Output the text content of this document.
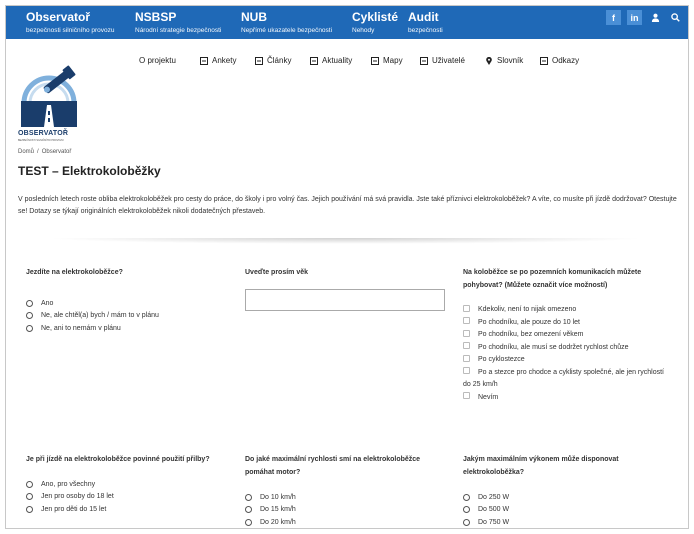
Observatoř
bezpečnosti silničního provozu
NSBSP
Národní strategie bezpečnosti
NUB
Nepřímé ukazatele bezpečnosti
Cyklisté
Nehody
Audit
bezpečnosti
f	in
OBSERVATOŘ
BEZPEČNOSTI SILNIČNÍHO PROVOZU
O projektu	Ankety	Články	Aktuality	Mapy	Uživatelé	Slovník	Odkazy
Domů / Observatoř
TEST – Elektrokoloběžky
V posledních letech roste obliba elektrokoloběžek pro cesty do práce, do školy i pro volný čas. Jejich používání má svá pravidla. Jste také příznivci elektrokoloběžek? A víte, co musíte při jízdě dodržovat? Otestujte se! Dotazy se týkají originálních elektrokoloběžek nikoli dodatečných přestaveb.
Jezdíte na elektrokoloběžce?
Ano
Ne, ale chtěl(a) bych / mám to v plánu
Ne, ani to nemám v plánu
Uveďte prosím věk	Na koloběžce se po pozemních komunikacích můžete pohybovat? (Můžete označit více možností)
Kdekoliv, není to nijak omezeno
Po chodníku, ale pouze do 10 let
Po chodníku, bez omezení věkem
Po chodníku, ale musí se dodržet rychlost chůze
Po cyklostezce
Po a stezce pro chodce a cyklisty společné, ale jen rychlostí do 25 km/h
Nevím
Je při jízdě na elektrokoloběžce povinné použití přilby?
Ano, pro všechny
Jen pro osoby do 18 let
Jen pro děti do 15 let
Do jaké maximální rychlosti smí na elektrokoloběžce pomáhat motor?
Do 10 km/h
Do 15 km/h
Do 20 km/h
Jakým maximálním výkonem může disponovat elektrokoloběžka?
Do 250 W
Do 500 W
Do 750 W
